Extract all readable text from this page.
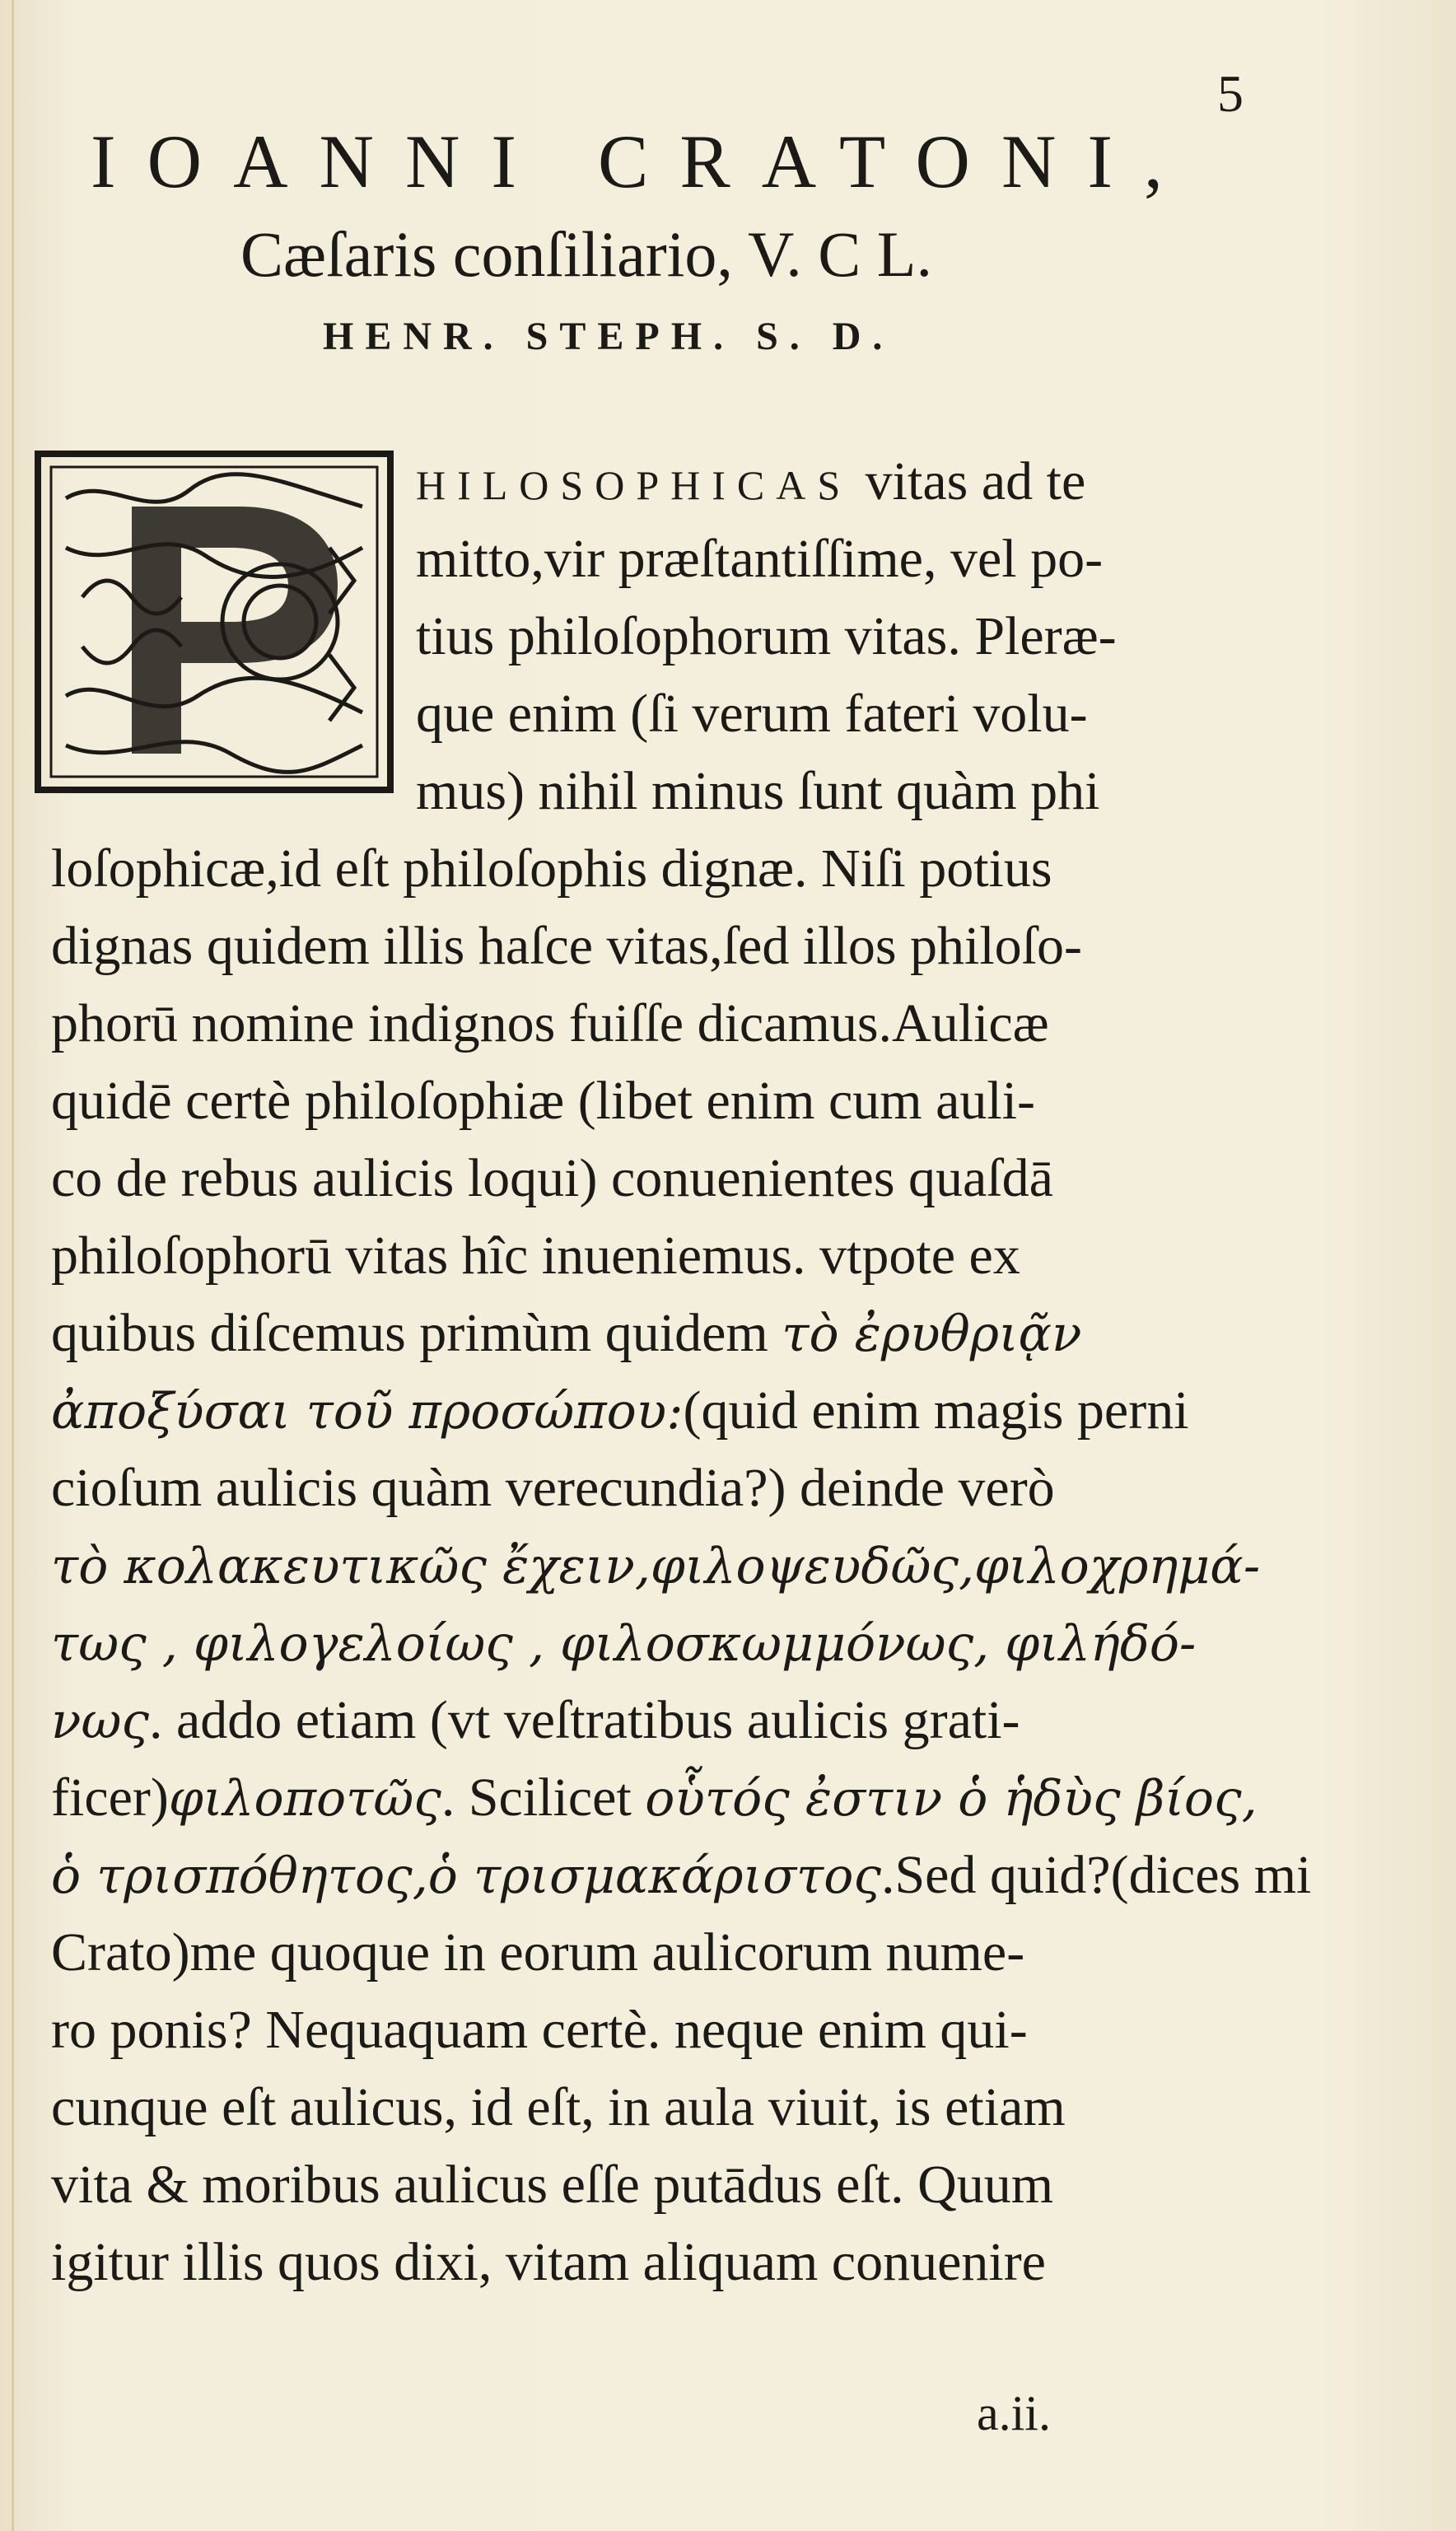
5
IOANNI CRATONI,
Cæſaris conſiliario, V. C L.
HENR. STEPH. S. D.
P
HILOSOPHICAS vitas ad te
mitto,vir præſtantiſſime, vel po-
tius philoſophorum vitas. Pleræ-
que enim (ſi verum fateri volu-
mus) nihil minus ſunt quàm phi
loſophicæ,id eſt philoſophis dignæ. Niſi potius
dignas quidem illis haſce vitas,ſed illos philoſo-
phorū nomine indignos fuiſſe dicamus.Aulicæ
quidē certè philoſophiæ (libet enim cum auli-
co de rebus aulicis loqui) conuenientes quaſdā
philoſophorū vitas hîc inueniemus. vtpote ex
quibus diſcemus primùm quidem τὸ ἐρυθριᾷν
ἀποξύσαι τοῦ προσώπου:(quid enim magis perni
cioſum aulicis quàm verecundia?) deinde verò
τὸ κολακευτικῶς ἔχειν,φιλοψευδῶς,φιλοχρημά-
τως , φιλογελοίως , φιλοσκωμμόνως, φιλήδό-
νως. addo etiam (vt veſtratibus aulicis grati-
ficer)φιλοποτῶς. Scilicet οὗτός ἐστιν ὁ ἡδὺς βίος,
ὁ τρισπόθητος,ὁ τρισμακάριστος.Sed quid?(dices mi
Crato)me quoque in eorum aulicorum nume-
ro ponis? Nequaquam certè. neque enim qui-
cunque eſt aulicus, id eſt, in aula viuit, is etiam
vita & moribus aulicus eſſe putādus eſt. Quum
igitur illis quos dixi, vitam aliquam conuenire
a.ii.
